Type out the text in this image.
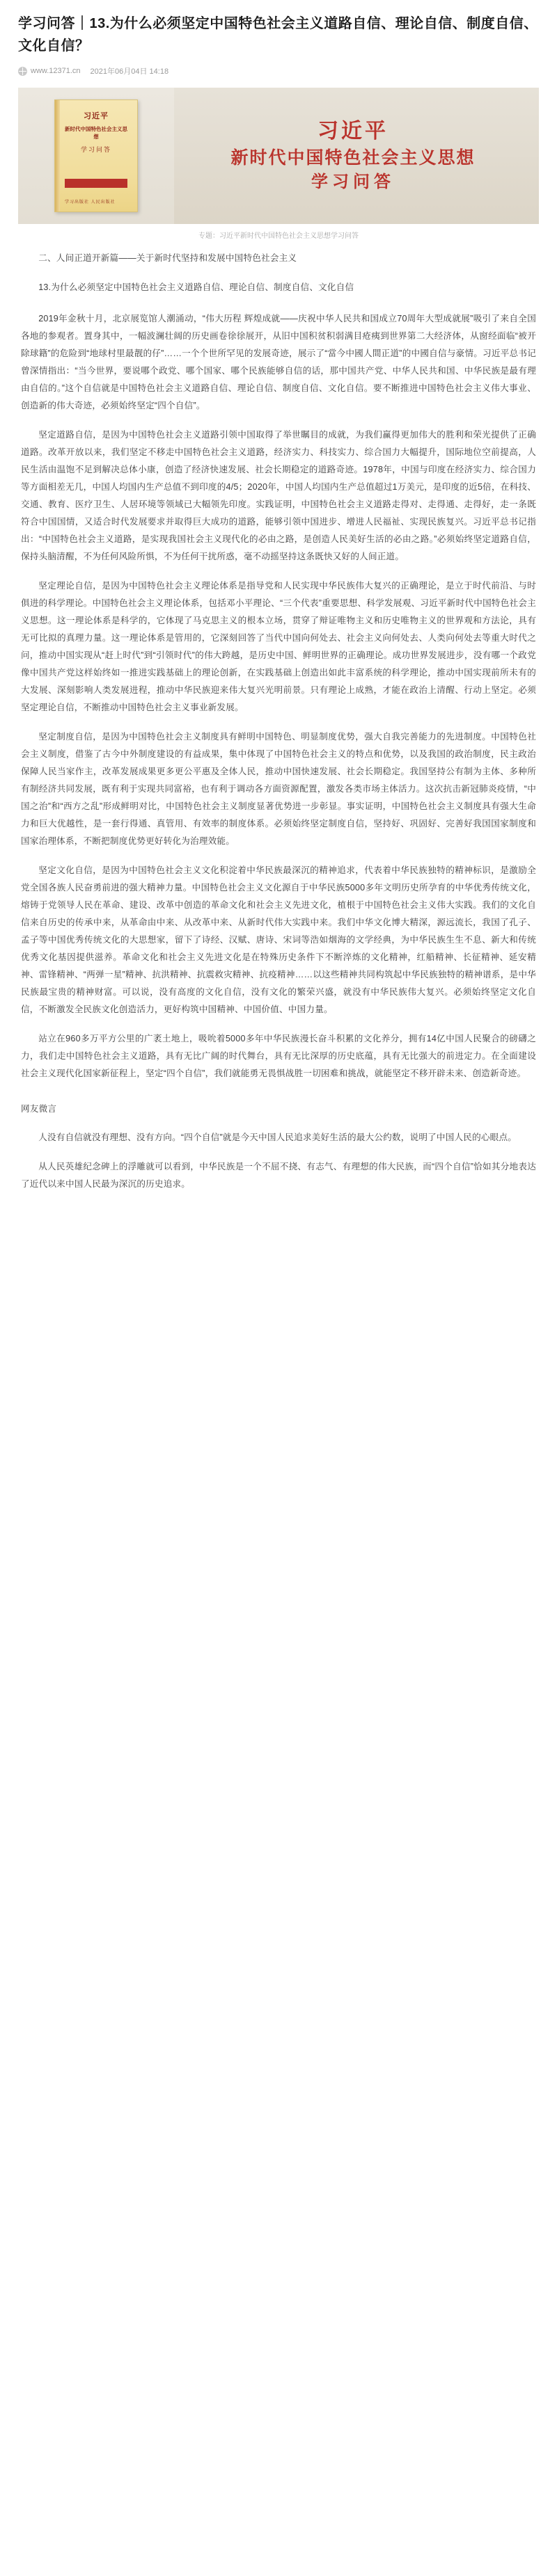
学习问答｜13.为什么必须坚定中国特色社会主义道路自信、理论自信、制度自信、文化自信？
www.12371.cn 2021年06月04日 14:18
习近平
新时代中国特色社会主义思想
学习问答
学习出版社 人民出版社
习近平
新时代中国特色社会主义思想
学习问答
专题：习近平新时代中国特色社会主义思想学习问答

二、人间正道开新篇——关于新时代坚持和发展中国特色社会主义

13.为什么必须坚定中国特色社会主义道路自信、理论自信、制度自信、文化自信

2019年金秋十月，北京展览馆人潮涌动，“伟大历程 辉煌成就——庆祝中华人民共和国成立70周年大型成就展”吸引了来自全国各地的参观者。置身其中，一幅波澜壮阔的历史画卷徐徐展开，从旧中国积贫积弱满目疮痍到世界第二大经济体，从窗经面临“被开除球籍”的危险到“地球村里最靓的仔”……一个个世所罕见的发展奇迹，展示了“當今中國人間正道”的中國自信与豪情。习近平总书记曾深情指出：“当今世界，要说哪个政党、哪个国家、哪个民族能够自信的话，那中国共产党、中华人民共和国、中华民族是最有理由自信的。”这个自信就是中国特色社会主义道路自信、理论自信、制度自信、文化自信。要不断推进中国特色社会主义伟大事业、创造新的伟大奇迹，必须始终坚定“四个自信”。

坚定道路自信，是因为中国特色社会主义道路引领中国取得了举世瞩目的成就，为我们赢得更加伟大的胜利和荣光提供了正确道路。改革开放以来，我们坚定不移走中国特色社会主义道路，经济实力、科技实力、综合国力大幅提升，国际地位空前提高，人民生活由温饱不足到解决总体小康，创造了经济快速发展、社会长期稳定的道路奇迹。1978年，中国与印度在经济实力、综合国力等方面相差无几，中国人均国内生产总值不到印度的4/5；2020年，中国人均国内生产总值超过1万美元，是印度的近5倍，在科技、交通、教育、医疗卫生、人居环境等领域已大幅领先印度。实践证明，中国特色社会主义道路走得对、走得通、走得好，走一条既符合中国国情，又适合时代发展要求并取得巨大成功的道路，能够引领中国进步、增进人民福祉、实现民族复兴。习近平总书记指出：“中国特色社会主义道路，是实现我国社会主义现代化的必由之路，是创造人民美好生活的必由之路。”必须始终坚定道路自信，保持头脑清醒，不为任何风险所惧，不为任何干扰所惑，毫不动摇坚持这条既快又好的人间正道。

坚定理论自信，是因为中国特色社会主义理论体系是指导党和人民实现中华民族伟大复兴的正确理论，是立于时代前沿、与时俱进的科学理论。中国特色社会主义理论体系，包括邓小平理论、“三个代表”重要思想、科学发展观、习近平新时代中国特色社会主义思想。这一理论体系是科学的，它体现了马克思主义的根本立场，贯穿了辩证唯物主义和历史唯物主义的世界观和方法论，具有无可比拟的真理力量。这一理论体系是管用的，它深刻回答了当代中国向何处去、社会主义向何处去、人类向何处去等重大时代之问，推动中国实现从“赶上时代”到“引领时代”的伟大跨越，是历史中国、鲜明世界的正确理论。成功世界发展进步，没有哪一个政党像中国共产党这样始终如一推进实践基础上的理论创新，在实践基础上创造出如此丰富系统的科学理论，推动中国实现前所未有的大发展、深刻影响人类发展进程，推动中华民族迎来伟大复兴光明前景。只有理论上成熟，才能在政治上清醒、行动上坚定。必须坚定理论自信，不断推动中国特色社会主义事业新发展。

坚定制度自信，是因为中国特色社会主义制度具有鲜明中国特色、明显制度优势，强大自我完善能力的先进制度。中国特色社会主义制度，借鉴了古今中外制度建设的有益成果，集中体现了中国特色社会主义的特点和优势，以及我国的政治制度，民主政治保障人民当家作主，改革发展成果更多更公平惠及全体人民，推动中国快速发展、社会长期稳定。我国坚持公有制为主体、多种所有制经济共同发展，既有利于实现共同富裕，也有利于调动各方面资源配置，激发各类市场主体活力。这次抗击新冠肺炎疫情，“中国之治”和“西方之乱”形成鲜明对比，中国特色社会主义制度显著优势进一步彰显。事实证明，中国特色社会主义制度具有强大生命力和巨大优越性，是一套行得通、真管用、有效率的制度体系。必须始终坚定制度自信，坚持好、巩固好、完善好我国国家制度和国家治理体系，不断把制度优势更好转化为治理效能。

坚定文化自信，是因为中国特色社会主义文化积淀着中华民族最深沉的精神追求，代表着中华民族独特的精神标识，是激励全党全国各族人民奋勇前进的强大精神力量。中国特色社会主义文化源自于中华民族5000多年文明历史所孕育的中华优秀传统文化，熔铸于党领导人民在革命、建设、改革中创造的革命文化和社会主义先进文化，植根于中国特色社会主义伟大实践。我们的文化自信来自历史的传承中来，从革命由中来、从改革中来、从新时代伟大实践中来。我们中华文化博大精深，源远流长，我国了孔子、孟子等中国优秀传统文化的大思想家，留下了诗经、汉赋、唐诗、宋词等浩如烟海的文学经典，为中华民族生生不息、新大和传统优秀文化基因提供滋养。革命文化和社会主义先进文化是在特殊历史条件下不断淬炼的文化精神，红船精神、长征精神、延安精神、雷锋精神、“两弹一星”精神、抗洪精神、抗震救灾精神、抗疫精神……以这些精神共同构筑起中华民族独特的精神谱系，是中华民族最宝贵的精神财富。可以说，没有高度的文化自信，没有文化的繁荣兴盛，就没有中华民族伟大复兴。必须始终坚定文化自信，不断激发全民族文化创造活力，更好构筑中国精神、中国价值、中国力量。

站立在960多万平方公里的广袤土地上，吸吮着5000多年中华民族漫长奋斗积累的文化养分，拥有14亿中国人民聚合的磅礴之力，我们走中国特色社会主义道路，具有无比广阔的时代舞台，具有无比深厚的历史底蕴，具有无比强大的前进定力。在全面建设社会主义现代化国家新征程上，坚定“四个自信”，我们就能勇无畏惧战胜一切困难和挑战，就能坚定不移开辟未来、创造新奇迹。

网友微言

人没有自信就没有理想、没有方向。“四个自信”就是今天中国人民追求美好生活的最大公约数，说明了中国人民的心眼点。

从人民英雄纪念碑上的浮雕就可以看到，中华民族是一个不屈不挠、有志气、有理想的伟大民族，而“四个自信”恰如其分地表达了近代以来中国人民最为深沉的历史追求。
